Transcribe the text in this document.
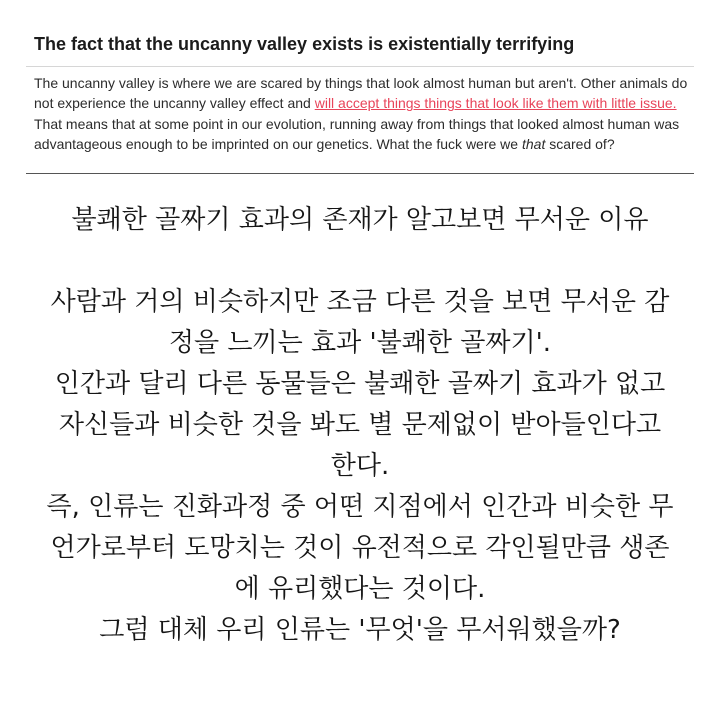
The fact that the uncanny valley exists is existentially terrifying

The uncanny valley is where we are scared by things that look almost human but aren't. Other animals do not experience the uncanny valley effect and will accept things things that look like them with little issue. That means that at some point in our evolution, running away from things that looked almost human was advantageous enough to be imprinted on our genetics. What the fuck were we that scared of?

불쾌한 골짜기 효과의 존재가 알고보면 무서운 이유

사람과 거의 비슷하지만 조금 다른 것을 보면 무서운 감

정을 느끼는 효과 '불쾌한 골짜기'.

인간과 달리 다른 동물들은 불쾌한 골짜기 효과가 없고

자신들과 비슷한 것을 봐도 별 문제없이 받아들인다고

한다.

즉, 인류는 진화과정 중 어떤 지점에서 인간과 비슷한 무

언가로부터 도망치는 것이 유전적으로 각인될만큼 생존

에 유리했다는 것이다.

그럼 대체 우리 인류는 '무엇'을 무서워했을까?
